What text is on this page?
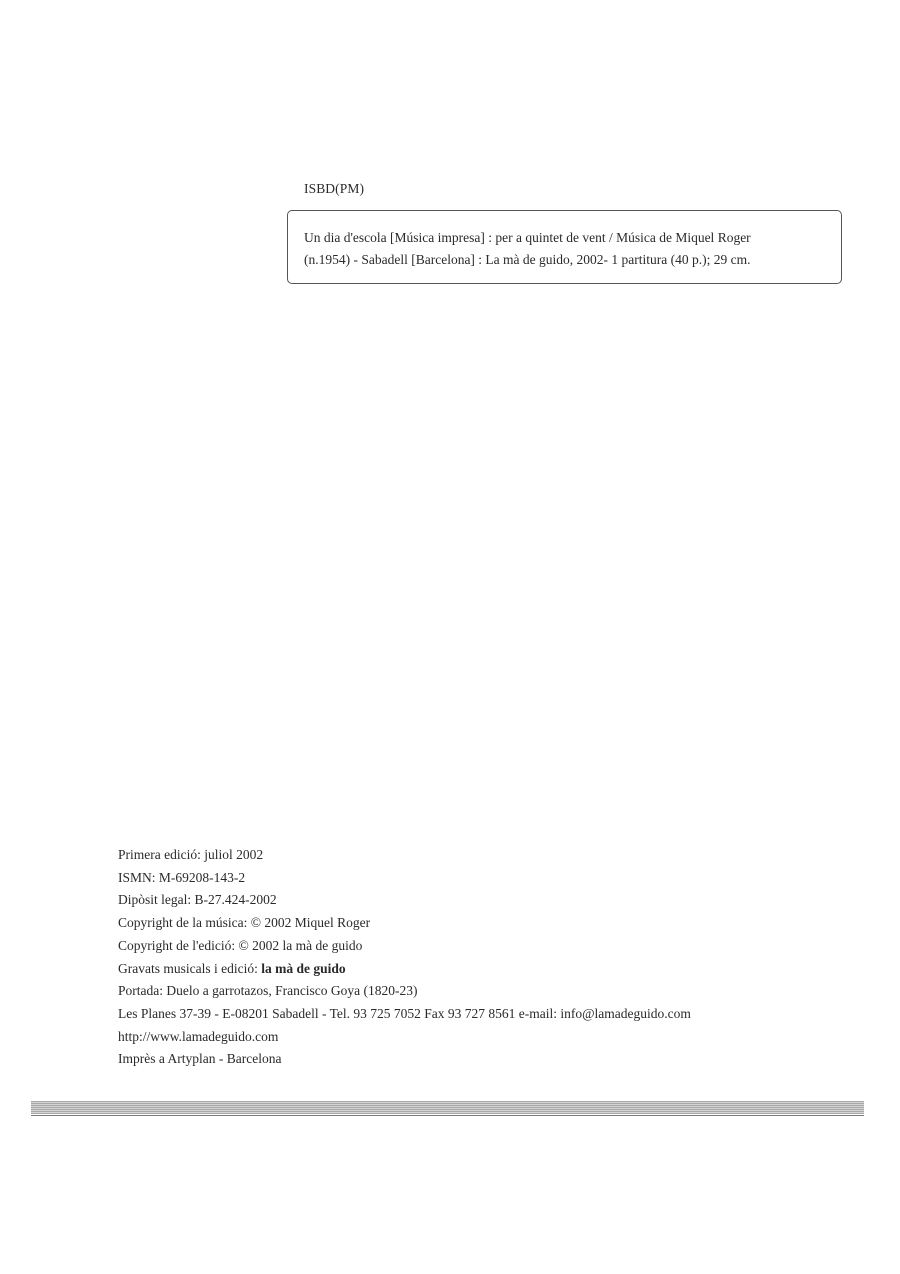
ISBD(PM)
Un dia d'escola [Música impresa] : per a quintet de vent / Música de Miquel Roger
(n.1954) - Sabadell [Barcelona] : La mà de guido, 2002- 1 partitura (40 p.); 29 cm.
Primera edició: juliol 2002
ISMN: M-69208-143-2
Dipòsit legal: B-27.424-2002
Copyright de la música: © 2002 Miquel Roger
Copyright de l'edició: © 2002 la mà de guido
Gravats musicals i edició: la mà de guido
Portada: Duelo a garrotazos, Francisco Goya (1820-23)
Les Planes 37-39 - E-08201 Sabadell - Tel. 93 725 7052 Fax 93 727 8561 e-mail: info@lamadeguido.com
http://www.lamadeguido.com
Imprès a Artyplan - Barcelona
